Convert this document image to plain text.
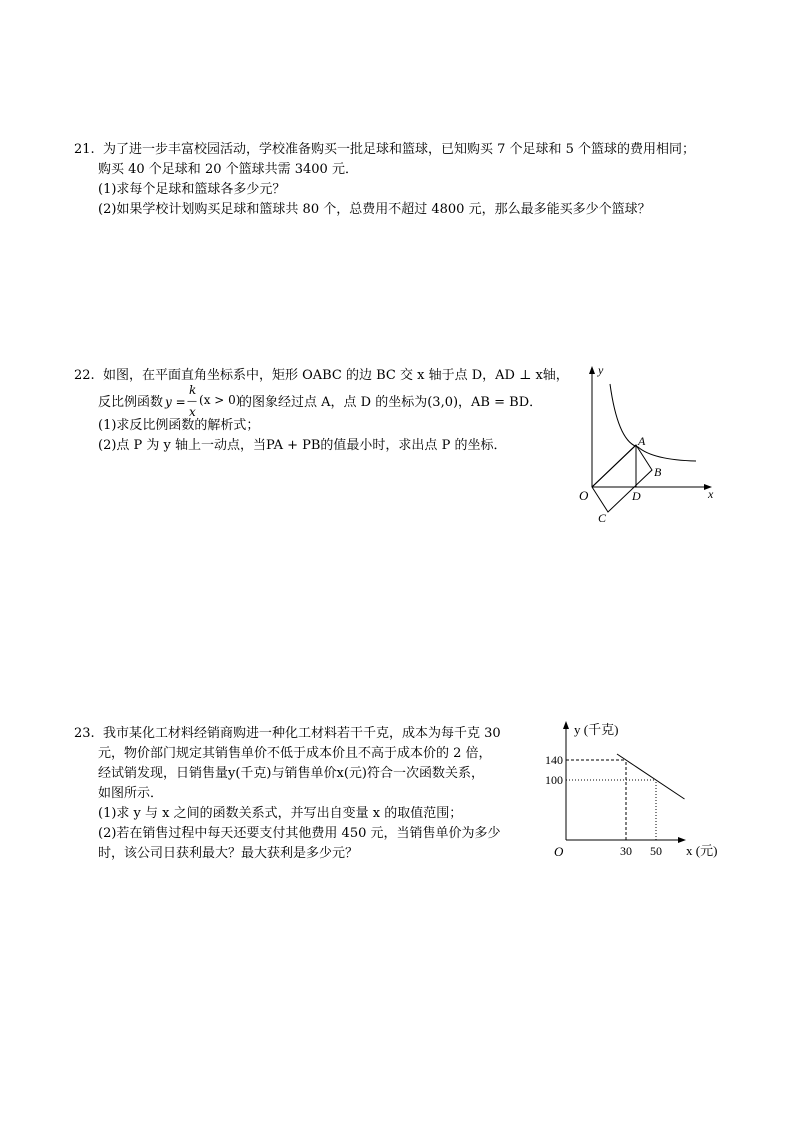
21. 为了进一步丰富校园活动，学校准备购买一批足球和篮球，已知购买 7 个足球和 5 个篮球的费用相同；
购买 40 个足球和 20 个篮球共需 3400 元．
(1)求每个足球和篮球各多少元？
(2)如果学校计划购买足球和篮球共 80 个，总费用不超过 4800 元，那么最多能买多少个篮球？
22. 如图，在平面直角坐标系中，矩形 OABC 的边 BC 交 x 轴于点 D，AD ⊥ x轴，
反比例函数 y =
k
—
x
(x > 0)
的图象经过点 A，点 D 的坐标为(3,0)，AB = BD．
(1)求反比例函数的解析式；
(2)点 P 为 y 轴上一动点，当PA + PB的值最小时，求出点 P 的坐标．
y
x
O
A
B
C
D
23. 我市某化工材料经销商购进一种化工材料若干千克，成本为每千克 30
元，物价部门规定其销售单价不低于成本价且不高于成本价的 2 倍，
经试销发现，日销售量y(千克)与销售单价x(元)符合一次函数关系，
如图所示．
(1)求 y 与 x 之间的函数关系式，并写出自变量 x 的取值范围；
(2)若在销售过程中每天还要支付其他费用 450 元，当销售单价为多少
时，该公司日获利最大？最大获利是多少元？
y (千克)
x (元)
O	30 50
140
100
